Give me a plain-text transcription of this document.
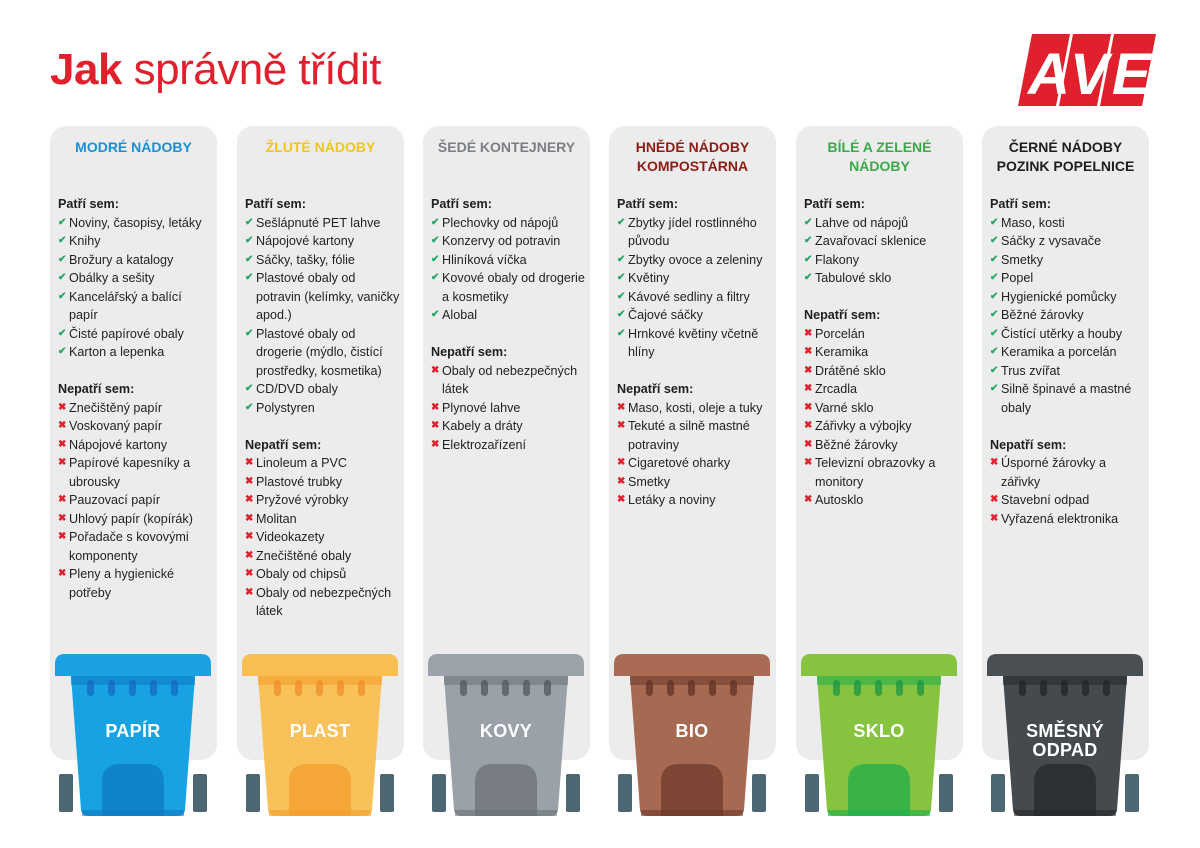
Jak správně třídit	A V E
MODRÉ NÁDOBY
Patří sem:
✔ Noviny, časopisy, letáky
✔ Knihy
✔ Brožury a katalogy
✔ Obálky a sešity
✔ Kancelářský a balící papír
✔ Čisté papírové obaly
✔ Karton a lepenka
Nepatří sem:
✖ Znečištěný papír
✖ Voskovaný papír
✖ Nápojové kartony
✖ Papírové kapesníky a ubrousky
✖ Pauzovací papír
✖ Uhlový papír (kopírák)
✖ Pořadače s kovovými komponenty
✖ Pleny a hygienické potřeby
PAPÍR
ŽLUTÉ NÁDOBY
Patří sem:
✔ Sešlápnuté PET lahve
✔ Nápojové kartony
✔ Sáčky, tašky, fólie
✔ Plastové obaly od potravin (kelímky, vaničky apod.)
✔ Plastové obaly od drogerie (mýdlo, čistící prostředky, kosmetika)
✔ CD/DVD obaly
✔ Polystyren
Nepatří sem:
✖ Linoleum a PVC
✖ Plastové trubky
✖ Pryžové výrobky
✖ Molitan
✖ Videokazety
✖ Znečištěné obaly
✖ Obaly od chipsů
✖ Obaly od nebezpečných látek
PLAST
ŠEDÉ KONTEJNERY
Patří sem:
✔ Plechovky od nápojů
✔ Konzervy od potravin
✔ Hliníková víčka
✔ Kovové obaly od drogerie a kosmetiky
✔ Alobal
Nepatří sem:
✖ Obaly od nebezpečných látek
✖ Plynové lahve
✖ Kabely a dráty
✖ Elektrozařízení
KOVY
HNĚDÉ NÁDOBY
KOMPOSTÁRNA
Patří sem:
✔ Zbytky jídel rostlinného původu
✔ Zbytky ovoce a zeleniny
✔ Květiny
✔ Kávové sedliny a filtry
✔ Čajové sáčky
✔ Hrnkové květiny včetně hlíny
Nepatří sem:
✖ Maso, kosti, oleje a tuky
✖ Tekuté a silně mastné potraviny
✖ Cigaretové oharky
✖ Smetky
✖ Letáky a noviny
BIO
BÍLÉ A ZELENÉ
NÁDOBY
Patří sem:
✔ Lahve od nápojů
✔ Zavařovací sklenice
✔ Flakony
✔ Tabulové sklo
Nepatří sem:
✖ Porcelán
✖ Keramika
✖ Drátěné sklo
✖ Zrcadla
✖ Varné sklo
✖ Zářivky a výbojky
✖ Běžné žárovky
✖ Televizní obrazovky a monitory
✖ Autosklo
SKLO
ČERNÉ NÁDOBY
POZINK POPELNICE
Patří sem:
✔ Maso, kosti
✔ Sáčky z vysavače
✔ Smetky
✔ Popel
✔ Hygienické pomůcky
✔ Běžné žárovky
✔ Čistící utěrky a houby
✔ Keramika a porcelán
✔ Trus zvířat
✔ Silně špinavé a mastné obaly
Nepatří sem:
✖ Úsporné žárovky a zářivky
✖ Stavební odpad
✖ Vyřazená elektronika
SMĚSNÝ
ODPAD
